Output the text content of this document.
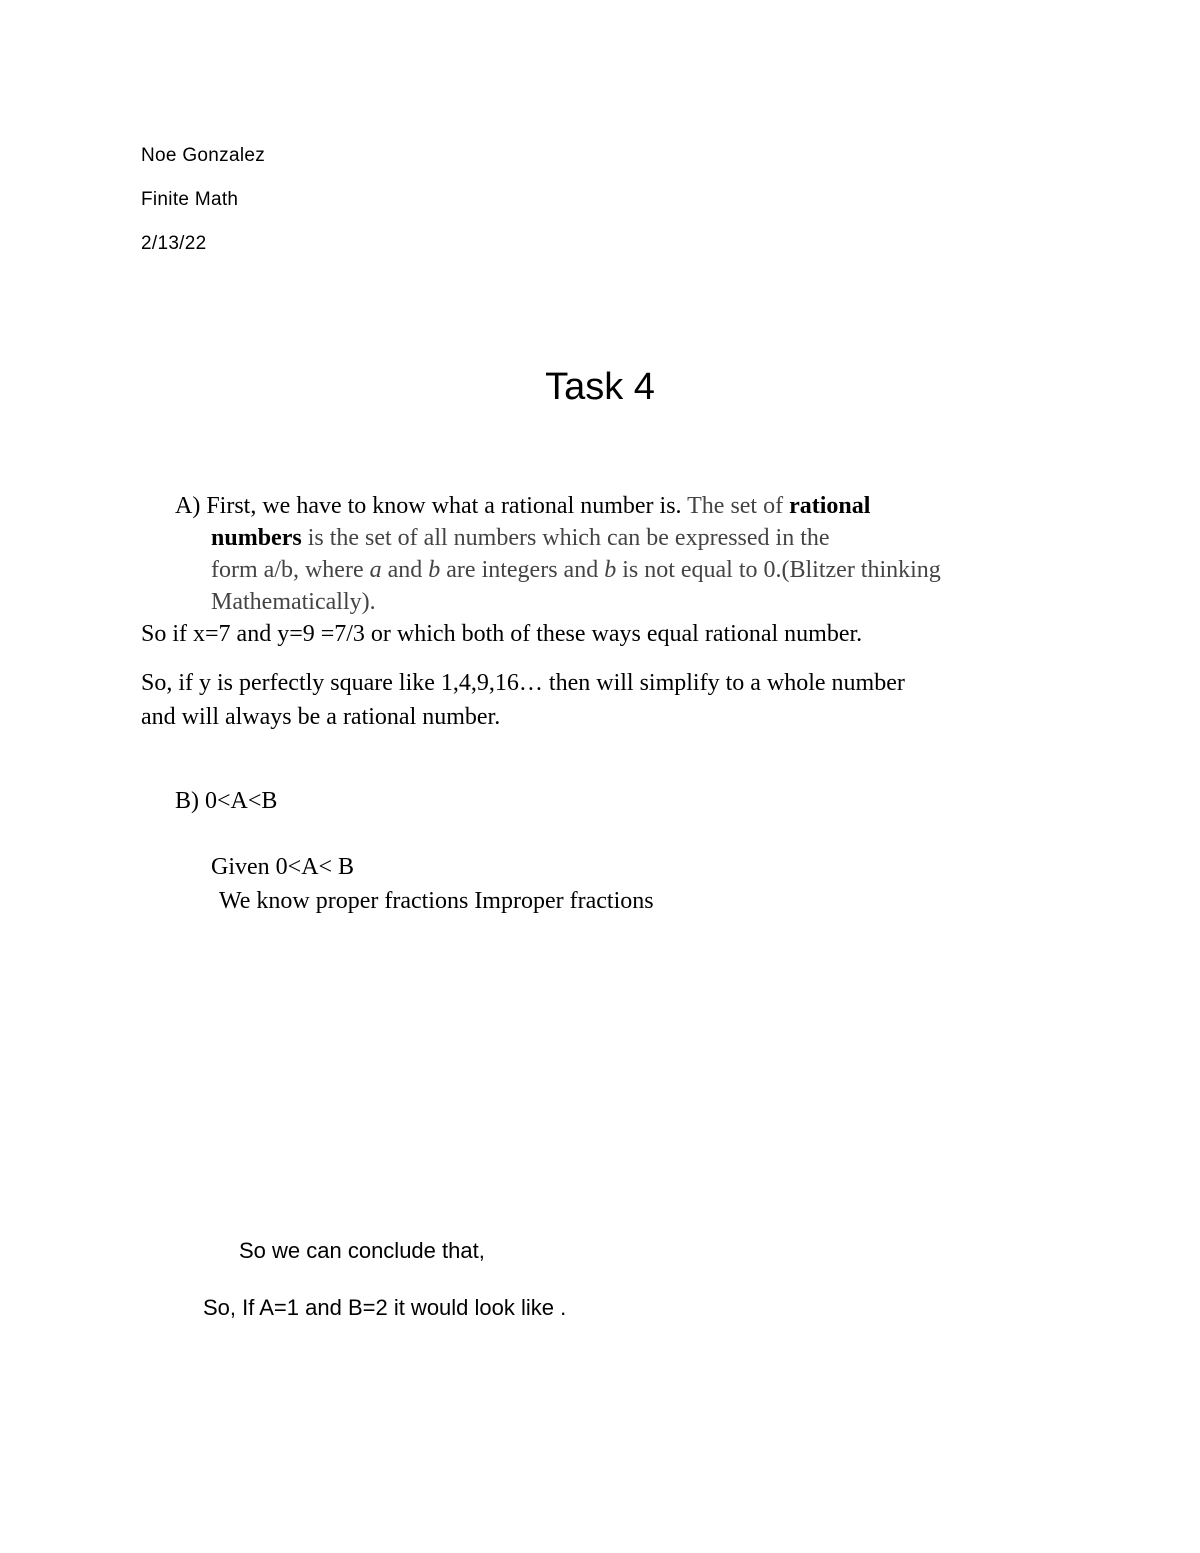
Noe Gonzalez
Finite Math
2/13/22
Task 4
A) First, we have to know what a rational number is. The set of rational
numbers is the set of all numbers which can be expressed in the
form a/b, where a and b are integers and b is not equal to 0.(Blitzer thinking
Mathematically).
So if x=7 and y=9 =7/3 or which both of these ways equal rational number.
So, if y is perfectly square like 1,4,9,16… then will simplify to a whole number
and will always be a rational number.
B) 0<A<B
Given 0<A< B
We know proper fractions Improper fractions
So we can conclude that,
So, If A=1 and B=2 it would look like .
